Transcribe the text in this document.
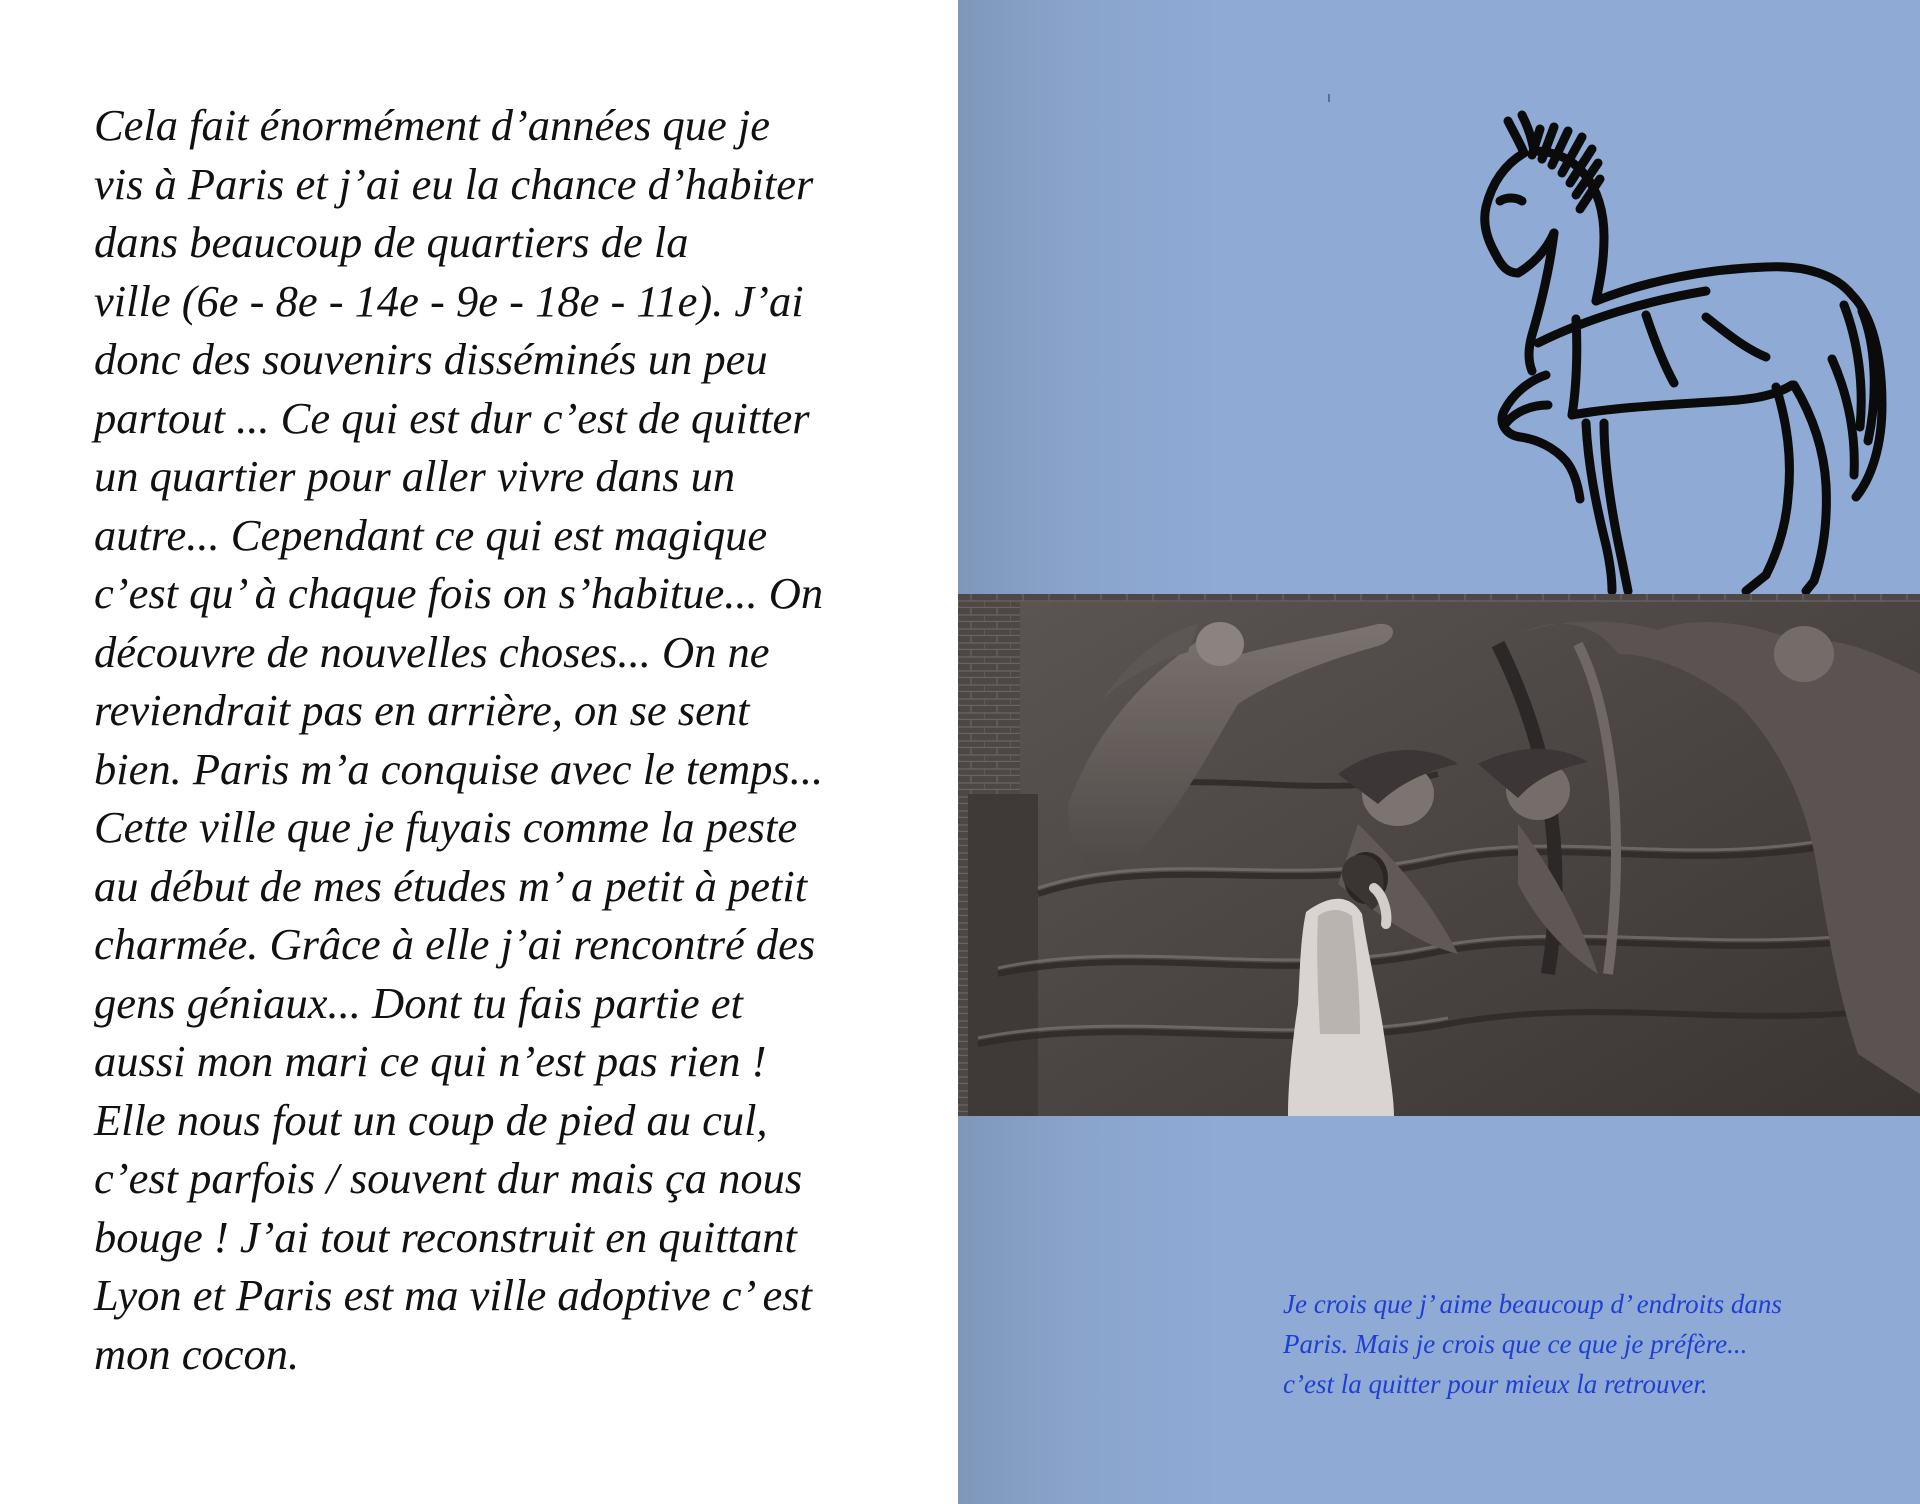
Cela fait énormément d’années que je
vis à Paris et j’ai eu la chance d’habiter
dans beaucoup de quartiers de la
ville (6e - 8e - 14e - 9e - 18e - 11e). J’ai
donc des souvenirs disséminés un peu
partout ... Ce qui est dur c’est de quitter
un quartier pour aller vivre dans un
autre... Cependant ce qui est magique
c’est qu’ à chaque fois on s’habitue... On
découvre de nouvelles choses... On ne
reviendrait pas en arrière, on se sent
bien. Paris m’a conquise avec le temps...
Cette ville que je fuyais comme la peste
au début de mes études m’ a petit à petit
charmée. Grâce à elle j’ai rencontré des
gens géniaux... Dont tu fais partie et
aussi mon mari ce qui n’est pas rien !
Elle nous fout un coup de pied au cul,
c’est parfois / souvent dur mais ça nous
bouge ! J’ai tout reconstruit en quittant
Lyon et Paris est ma ville adoptive c’ est
mon cocon.

Je crois que j’ aime beaucoup d’ endroits dans
Paris. Mais je crois que ce que je préfère...
c’est la quitter pour mieux la retrouver.
